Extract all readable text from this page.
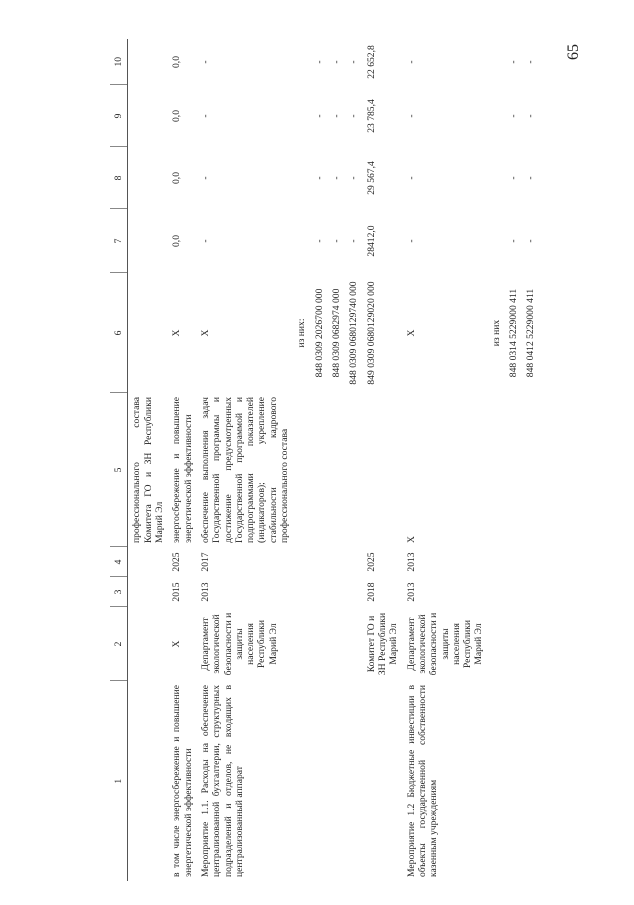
65
1	2	3	4	5	6	7	8	9	10
				профессионального состава Комитета ГО и ЗН Республики Марий Эл					
в том числе энергосбережение и повышение энергетической эффективности	X	2015	2025	энергосбережение и повышение энергетической эффективности	X	0,0	0,0	0,0	0,0
Мероприятие 1.1. Расходы на обеспечение централизованной бухгалтерии, структурных подразделений и отделов, не входящих в централизованный аппарат	Департамент экологической безопасности и защиты населения Республики Марий Эл	2013	2017	обеспечение выполнения задач Государственной программы и достижение предусмотренных Государственной программой и подпрограммами показателей (индикаторов); укрепление стабильности кадрового профессионального состава	X	-	-	-	-
					из них:				
					848 0309 2026700 000	-	-	-	-
					848 0309 0682974 000	-	-	-	-
					848 0309 0680129740 000	-	-	-	-
	Комитет ГО и ЗН Республики Марий Эл	2018	2025		849 0309 0680129020 000	28412,0	29 567,4	23 785,4	22 652,8
Мероприятие 1.2 Бюджетные инвестиции в объекты государственной собственности казенным учреждениям	Департамент экологической безопасности и защиты населения Республики Марий Эл	2013	2013	X	X	-	-	-	-
					из них				
					848 0314 5229000 411	-	-	-	-
					848 0412 5229000 411	-	-	-	-
